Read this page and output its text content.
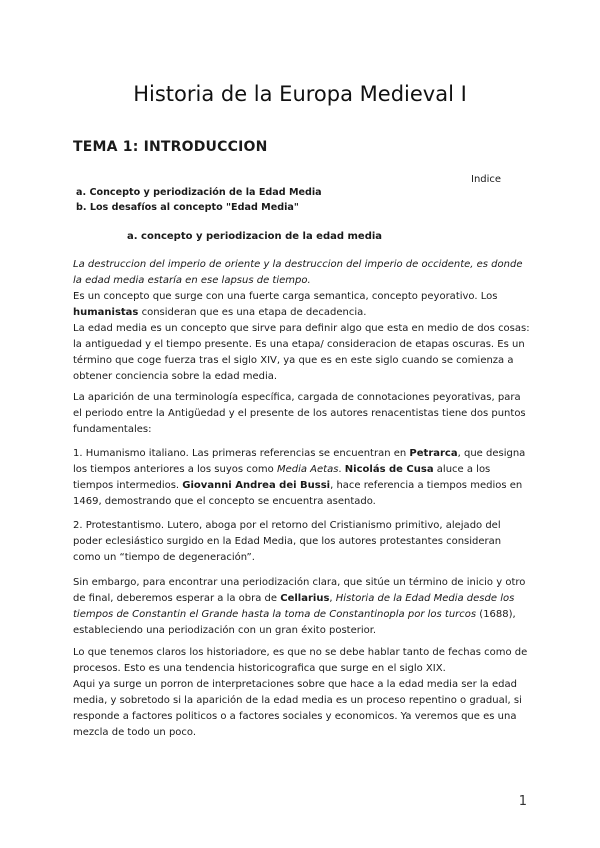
Historia de la Europa Medieval I
TEMA 1: INTRODUCCION
Indice
a. Concepto y periodización de la Edad Media
b. Los desafíos al concepto "Edad Media"
a. concepto y periodizacion de la edad media

La destruccion del imperio de oriente y la destruccion del imperio de occidente, es donde la edad media estaría en ese lapsus de tiempo.

Es un concepto que surge con una fuerte carga semantica, concepto peyorativo. Los humanistas consideran que es una etapa de decadencia.

La edad media es un concepto que sirve para definir algo que esta en medio de dos cosas: la antiguedad y el tiempo presente. Es una etapa/ consideracion de etapas oscuras. Es un término que coge fuerza tras el siglo XIV, ya que es en este siglo cuando se comienza a obtener conciencia sobre la edad media.

La aparición de una terminología específica, cargada de connotaciones peyorativas, para el periodo entre la Antigüedad y el presente de los autores renacentistas tiene dos puntos fundamentales:

1. Humanismo italiano. Las primeras referencias se encuentran en Petrarca, que designa los tiempos anteriores a los suyos como Media Aetas. Nicolás de Cusa aluce a los tiempos intermedios. Giovanni Andrea dei Bussi, hace referencia a tiempos medios en 1469, demostrando que el concepto se encuentra asentado.

2. Protestantismo. Lutero, aboga por el retorno del Cristianismo primitivo, alejado del poder eclesiástico surgido en la Edad Media, que los autores protestantes consideran como un “tiempo de degeneración”.

Sin embargo, para encontrar una periodización clara, que sitúe un término de inicio y otro de final, deberemos esperar a la obra de Cellarius, Historia de la Edad Media desde los tiempos de Constantin el Grande hasta la toma de Constantinopla por los turcos (1688), estableciendo una periodización con un gran éxito posterior.

Lo que tenemos claros los historiadore, es que no se debe hablar tanto de fechas como de procesos. Esto es una tendencia historicografica que surge en el siglo XIX.

Aqui ya surge un porron de interpretaciones sobre que hace a la edad media ser la edad media, y sobretodo si la aparición de la edad media es un proceso repentino o gradual, si responde a factores politicos o a factores sociales y economicos. Ya veremos que es una mezcla de todo un poco.

1
